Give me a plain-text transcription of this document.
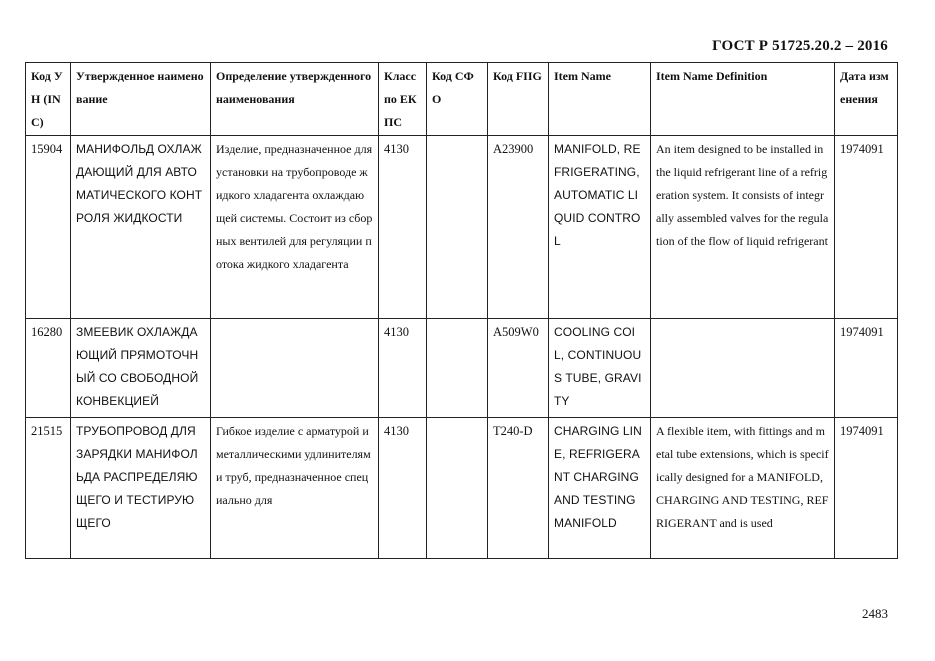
ГОСТ Р 51725.20.2 – 2016
Код УН (INC)	Утвержденное наименование	Определение утвержденного наименования	Класс по ЕКПС	Код СФО	Код FIIG	Item Name	Item Name Definition	Дата изменения
15904	МАНИФОЛЬД ОХЛАЖДАЮЩИЙ ДЛЯ АВТОМАТИЧЕСКОГО КОНТРОЛЯ ЖИДКОСТИ	Изделие, предназначенное для установки на трубопроводе жидкого хладагента охлаждающей системы. Состоит из сборных вентилей для регуляции потока жидкого хладагента	4130		A23900	MANIFOLD, REFRIGERATING, AUTOMATIC LIQUID CONTROL	An item designed to be installed in the liquid refrigerant line of a refrigeration system. It consists of integrally assembled valves for the regulation of the flow of liquid refrigerant	1974091
16280	ЗМЕЕВИК ОХЛАЖДАЮЩИЙ ПРЯМОТОЧНЫЙ СО СВОБОДНОЙ КОНВЕКЦИЕЙ		4130		A509W0	COOLING COIL, CONTINUOUS TUBE, GRAVITY		1974091
21515	ТРУБОПРОВОД ДЛЯ ЗАРЯДКИ МАНИФОЛЬДА РАСПРЕДЕЛЯЮЩЕГО И ТЕСТИРУЮЩЕГО	Гибкое изделие с арматурой и металлическими удлинителями труб, предназначенное специально для	4130		T240-D	CHARGING LINE, REFRIGERANT CHARGING AND TESTING MANIFOLD	A flexible item, with fittings and metal tube extensions, which is specifically designed for a MANIFOLD, CHARGING AND TESTING, REFRIGERANT and is used	1974091
2483
